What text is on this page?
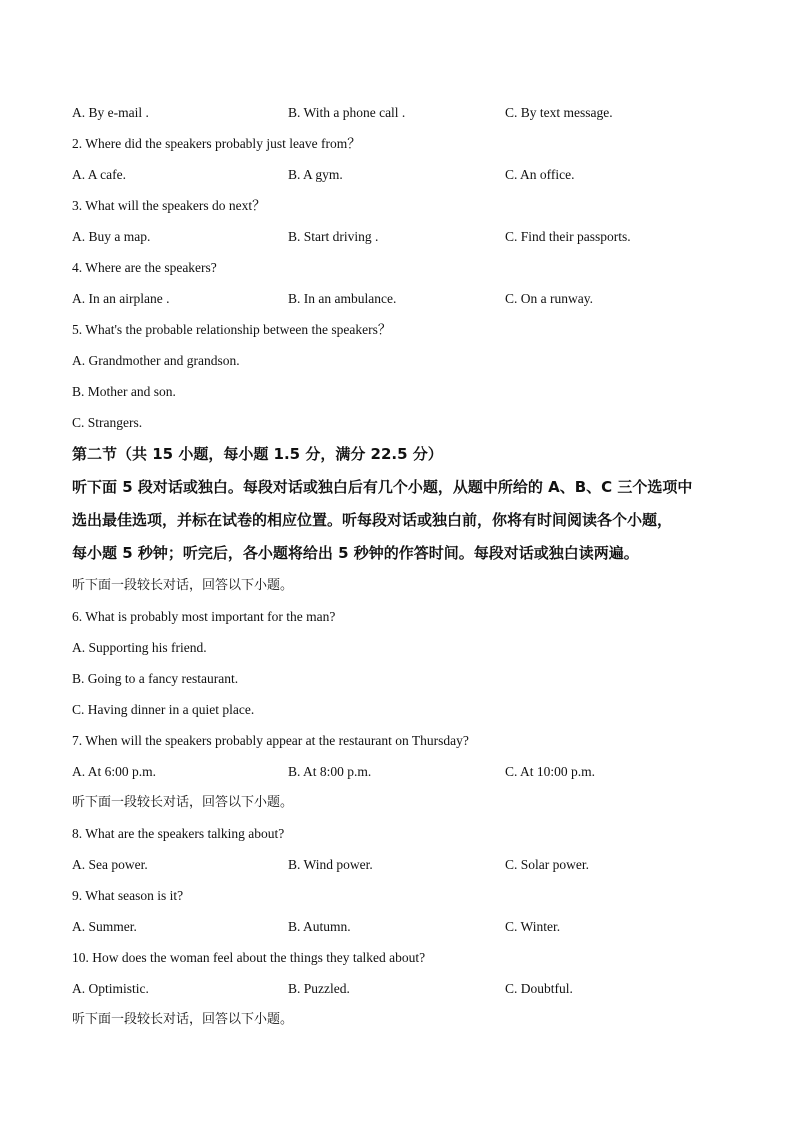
A. By e-mail .	B. With a phone call .	C. By text message.
2. Where did the speakers probably just leave from？
A. A cafe.	B. A gym.	C. An office.
3. What will the speakers do next？
A. Buy a map.	B. Start driving .	C. Find their passports.
4. Where are the speakers?
A. In an airplane .	B. In an ambulance.	C. On a runway.
5. What's the probable relationship between the speakers？
A. Grandmother and grandson.
B. Mother and son.
C. Strangers.
第二节（共 15 小题，每小题 1.5 分，满分 22.5 分）
听下面 5 段对话或独白。每段对话或独白后有几个小题，从题中所给的 A、B、C 三个选项中
选出最佳选项，并标在试卷的相应位置。听每段对话或独白前，你将有时间阅读各个小题，
每小题 5 秒钟；听完后，各小题将给出 5 秒钟的作答时间。每段对话或独白读两遍。
听下面一段较长对话，回答以下小题。
6. What is probably most important for the man?
A. Supporting his friend.
B. Going to a fancy restaurant.
C. Having dinner in a quiet place.
7. When will the speakers probably appear at the restaurant on Thursday?
A. At 6:00 p.m.	B. At 8:00 p.m.	C. At 10:00 p.m.
听下面一段较长对话，回答以下小题。
8. What are the speakers talking about?
A. Sea power.	B. Wind power.	C. Solar power.
9. What season is it?
A. Summer.	B. Autumn.	C. Winter.
10. How does the woman feel about the things they talked about?
A. Optimistic.	B. Puzzled.	C. Doubtful.
听下面一段较长对话，回答以下小题。
